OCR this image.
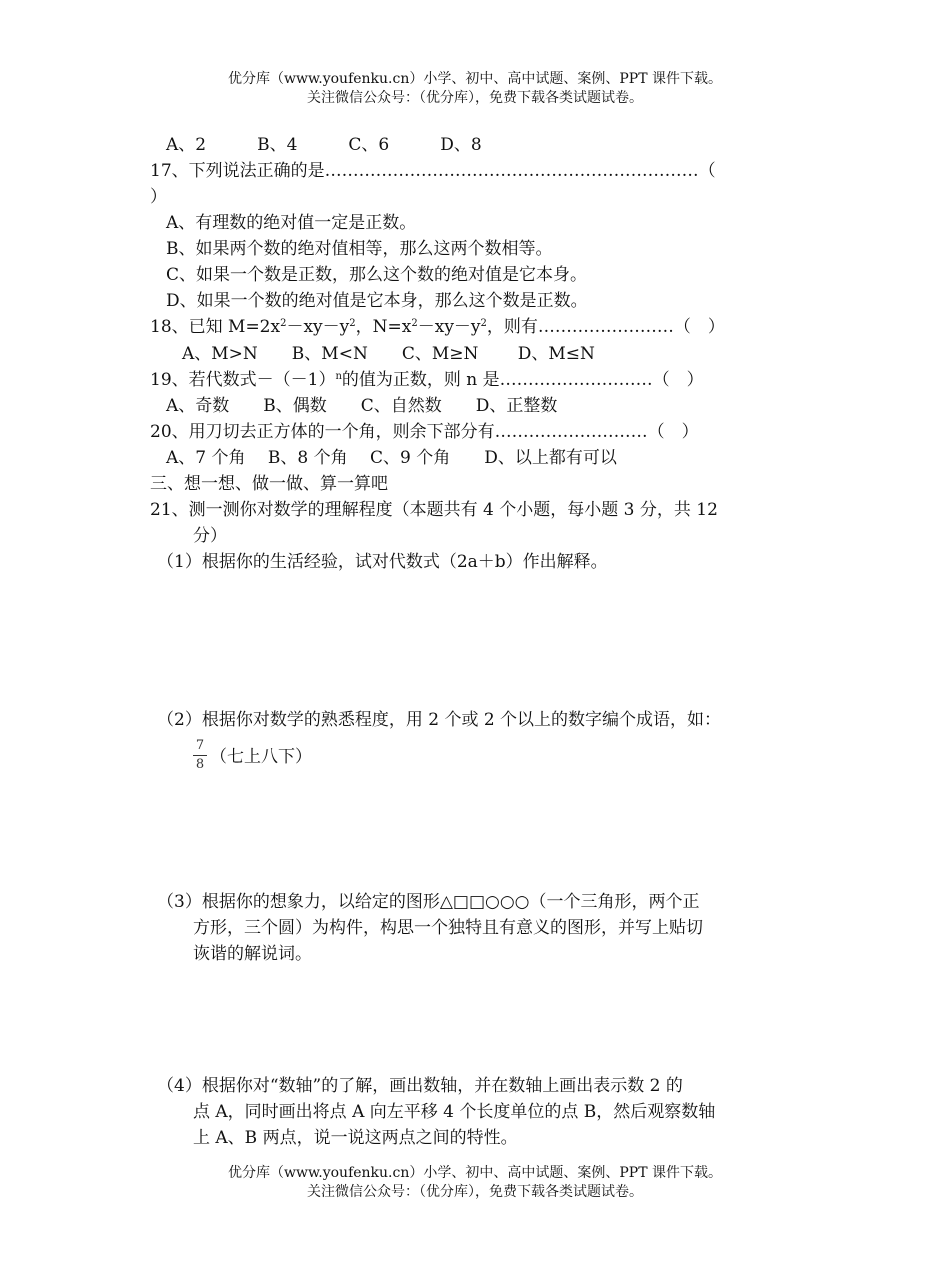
优分库（www.youfenku.cn）小学、初中、高中试题、案例、PPT 课件下载。
关注微信公众号：（优分库），免费下载各类试题试卷。
A、2　　　B、4　　　C、6　　　D、8
17、下列说法正确的是…………………………………………………………（
）
A、有理数的绝对值一定是正数。
B、如果两个数的绝对值相等，那么这两个数相等。
C、如果一个数是正数，那么这个数的绝对值是它本身。
D、如果一个数的绝对值是它本身，那么这个数是正数。
18、已知 $M=2x^2-xy-y^2$，$N=x^2-xy-y^2$，则有……………………（　）
A、M>N　　B、M<N　　C、M≥N　　 D、M≤N
19、若代数式$-(-1)^n$的值为正数，则 n 是………………………（　）
A、奇数　　B、偶数　　C、自然数　　D、正整数
20、用刀切去正方体的一个角，则余下部分有………………………（　）
A、7 个角　 B、8 个角　 C、9 个角　　D、以上都有可以
三、想一想、做一做、算一算吧
21、测一测你对数学的理解程度（本题共有 4 个小题，每小题 3 分，共 12
分）
（1）根据你的生活经验，试对代数式（2a＋b）作出解释。
（2）根据你对数学的熟悉程度，用 2 个或 2 个以上的数字编个成语，如：
7
8 （七上八下）
（3）根据你的想象力，以给定的图形△□□○○○（一个三角形，两个正
方形，三个圆）为构件，构思一个独特且有意义的图形，并写上贴切
诙谐的解说词。
（4）根据你对“数轴”的了解，画出数轴，并在数轴上画出表示数 2 的
点 A，同时画出将点 A 向左平移 4 个长度单位的点 B，然后观察数轴
上 A、B 两点，说一说这两点之间的特性。
优分库（www.youfenku.cn）小学、初中、高中试题、案例、PPT 课件下载。
关注微信公众号：（优分库），免费下载各类试题试卷。
